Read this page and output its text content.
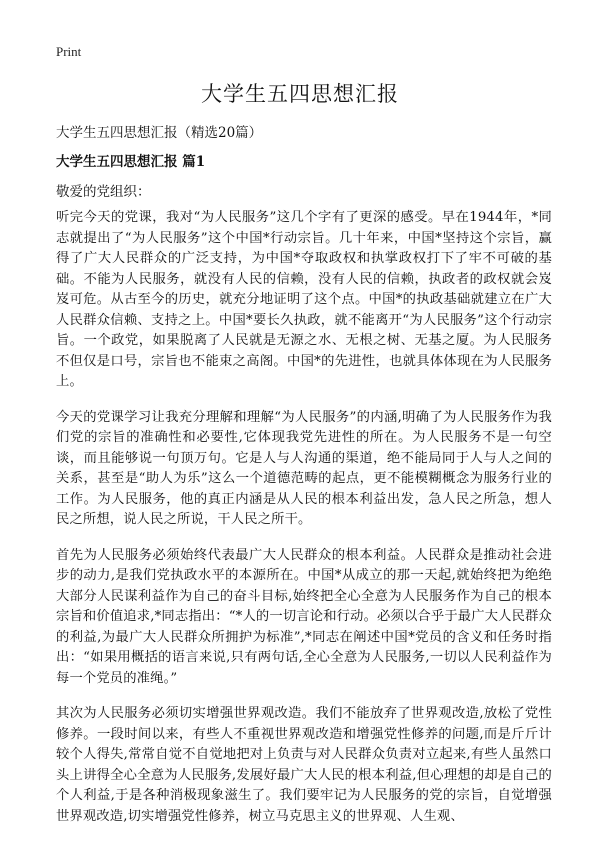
Print
大学生五四思想汇报

大学生五四思想汇报（精选20篇）

大学生五四思想汇报 篇1

敬爱的党组织：

听完今天的党课，我对“为人民服务”这几个字有了更深的感受。早在1944年，*同志就提出了“为人民服务”这个中国*行动宗旨。几十年来，中国*坚持这个宗旨，赢得了广大人民群众的广泛支持，为中国*夺取政权和执掌政权打下了牢不可破的基础。不能为人民服务，就没有人民的信赖，没有人民的信赖，执政者的政权就会岌岌可危。从古至今的历史，就充分地证明了这个点。中国*的执政基础就建立在广大人民群众信赖、支持之上。中国*要长久执政，就不能离开“为人民服务”这个行动宗旨。一个政党，如果脱离了人民就是无源之水、无根之树、无基之厦。为人民服务不但仅是口号，宗旨也不能束之高阁。中国*的先进性，也就具体体现在为人民服务上。

今天的党课学习让我充分理解和理解“为人民服务”的内涵,明确了为人民服务作为我们党的宗旨的准确性和必要性,它体现我党先进性的所在。为人民服务不是一句空谈，而且能够说一句顶万句。它是人与人沟通的渠道，绝不能局同于人与人之间的关系，甚至是“助人为乐”这么一个道德范畴的起点，更不能模糊概念为服务行业的工作。为人民服务，他的真正内涵是从人民的根本利益出发，急人民之所急，想人民之所想，说人民之所说，干人民之所干。

首先为人民服务必须始终代表最广大人民群众的根本利益。人民群众是推动社会进步的动力,是我们党执政水平的本源所在。中国*从成立的那一天起,就始终把为绝绝大部分人民谋利益作为自己的奋斗目标,始终把全心全意为人民服务作为自己的根本宗旨和价值追求,*同志指出：“*人的一切言论和行动。必须以合乎于最广大人民群众的利益,为最广大人民群众所拥护为标准”,*同志在阐述中国*党员的含义和任务时指出：“如果用概括的语言来说,只有两句话,全心全意为人民服务,一切以人民利益作为每一个党员的准绳。”

其次为人民服务必须切实增强世界观改造。我们不能放弃了世界观改造,放松了党性修养。一段时间以来，有些人不重视世界观改造和增强党性修养的问题,而是斤斤计较个人得失,常常自觉不自觉地把对上负责与对人民群众负责对立起来,有些人虽然口头上讲得全心全意为人民服务,发展好最广大人民的根本利益,但心理想的却是自己的个人利益,于是各种消极现象滋生了。我们要牢记为人民服务的党的宗旨，自觉增强世界观改造,切实增强党性修养，树立马克思主义的世界观、人生观、
